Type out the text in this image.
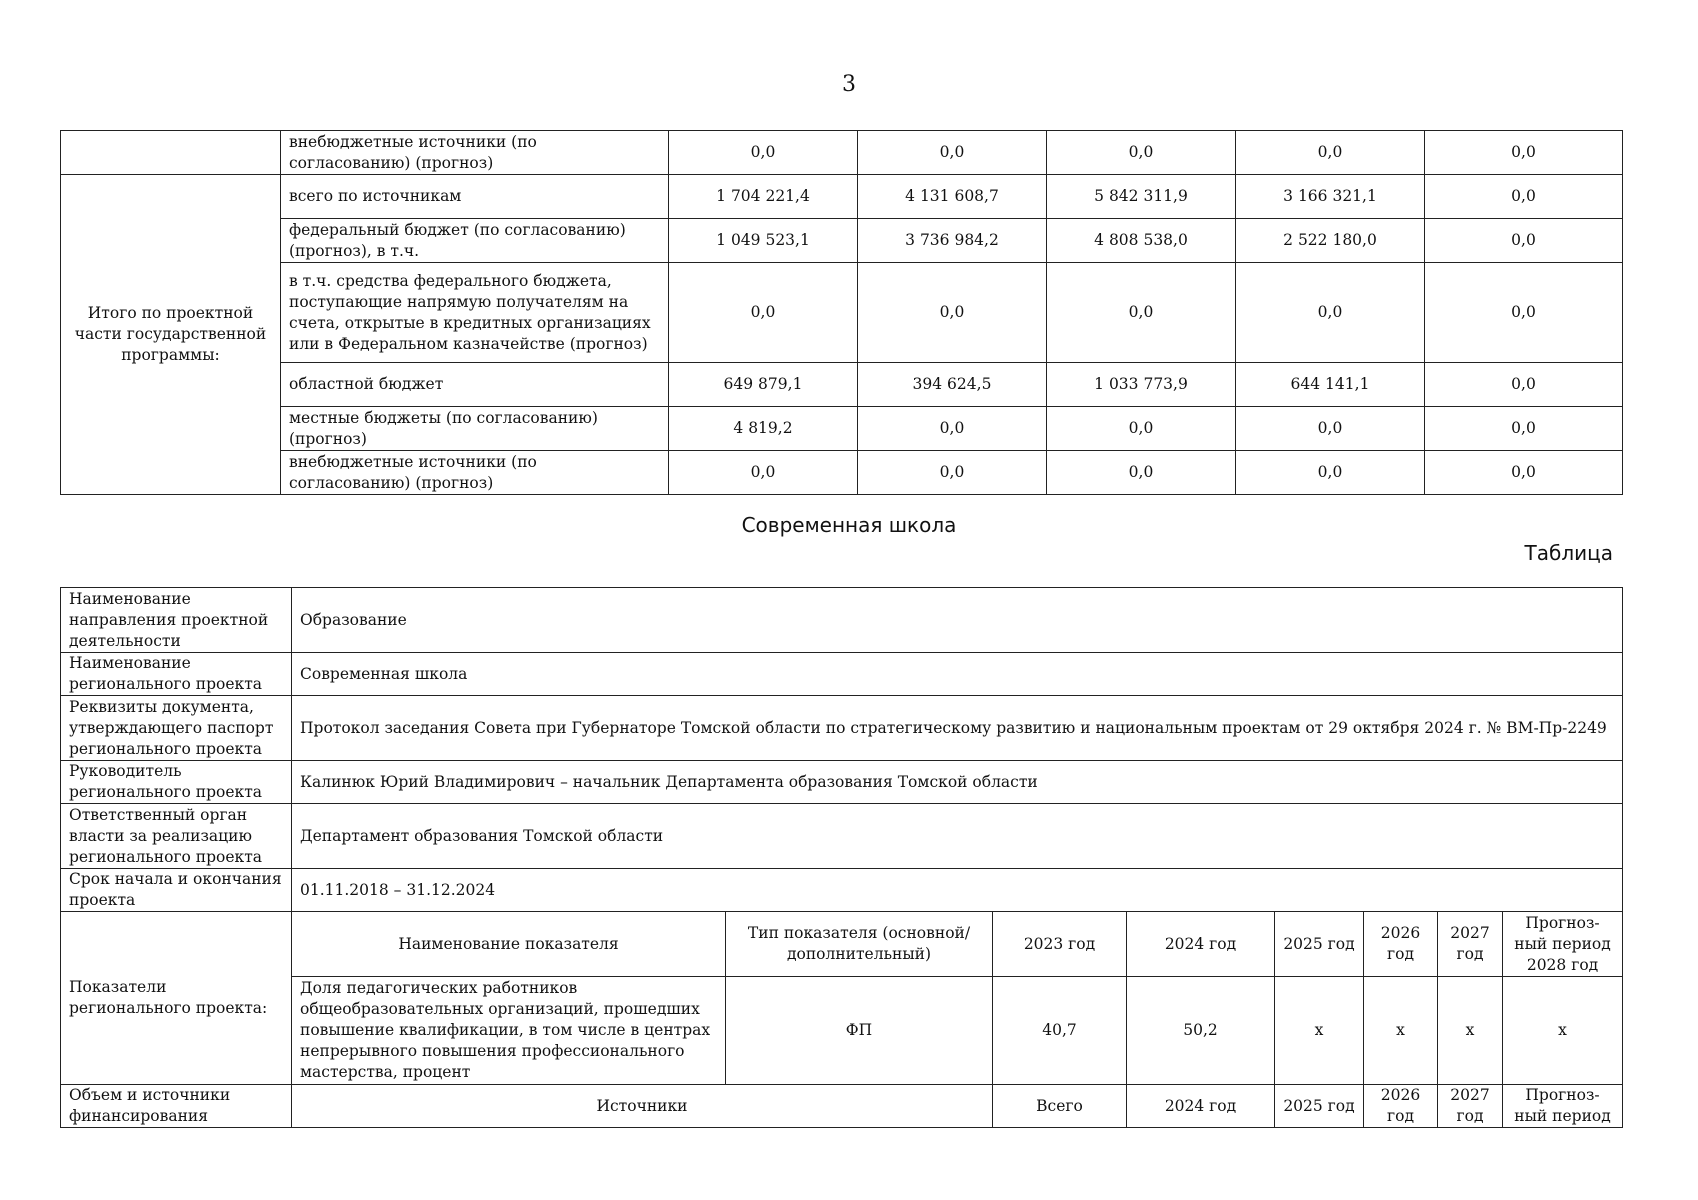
3
	внебюджетные источники (по согласованию) (прогноз)	0,0	0,0	0,0	0,0	0,0
Итого по проектной части государственной программы:	всего по источникам	1 704 221,4	4 131 608,7	5 842 311,9	3 166 321,1	0,0
	федеральный бюджет (по согласованию) (прогноз), в т.ч.	1 049 523,1	3 736 984,2	4 808 538,0	2 522 180,0	0,0
	в т.ч. средства федерального бюджета, поступающие напрямую получателям на счета, открытые в кредитных организациях или в Федеральном казначействе (прогноз)	0,0	0,0	0,0	0,0	0,0
	областной бюджет	649 879,1	394 624,5	1 033 773,9	644 141,1	0,0
	местные бюджеты (по согласованию) (прогноз)	4 819,2	0,0	0,0	0,0	0,0
	внебюджетные источники (по согласованию) (прогноз)	0,0	0,0	0,0	0,0	0,0
Современная школа
Таблица
Наименование направления проектной деятельности	Образование							
Наименование регионального проекта	Современная школа							
Реквизиты документа, утверждающего паспорт регионального проекта	Протокол заседания Совета при Губернаторе Томской области по стратегическому развитию и национальным проектам от 29 октября 2024 г. № ВМ-Пр-2249							
Руководитель регионального проекта	Калинюк Юрий Владимирович – начальник Департамента образования Томской области							
Ответственный орган власти за реализацию регионального проекта	Департамент образования Томской области							
Срок начала и окончания проекта	01.11.2018 – 31.12.2024							
Показатели регионального проекта:	Наименование показателя	Тип показателя (основной/дополнительный)	2023 год	2024 год	2025 год	2026 год	2027 год	Прогноз-ный период 2028 год
	Доля педагогических работников общеобразовательных организаций, прошедших повышение квалификации, в том числе в центрах непрерывного повышения профессионального мастерства, процент	ФП	40,7	50,2	x	x	x	x
Объем и источники финансирования	Источники		Всего	2024 год	2025 год	2026 год	2027 год	Прогноз-ный период
